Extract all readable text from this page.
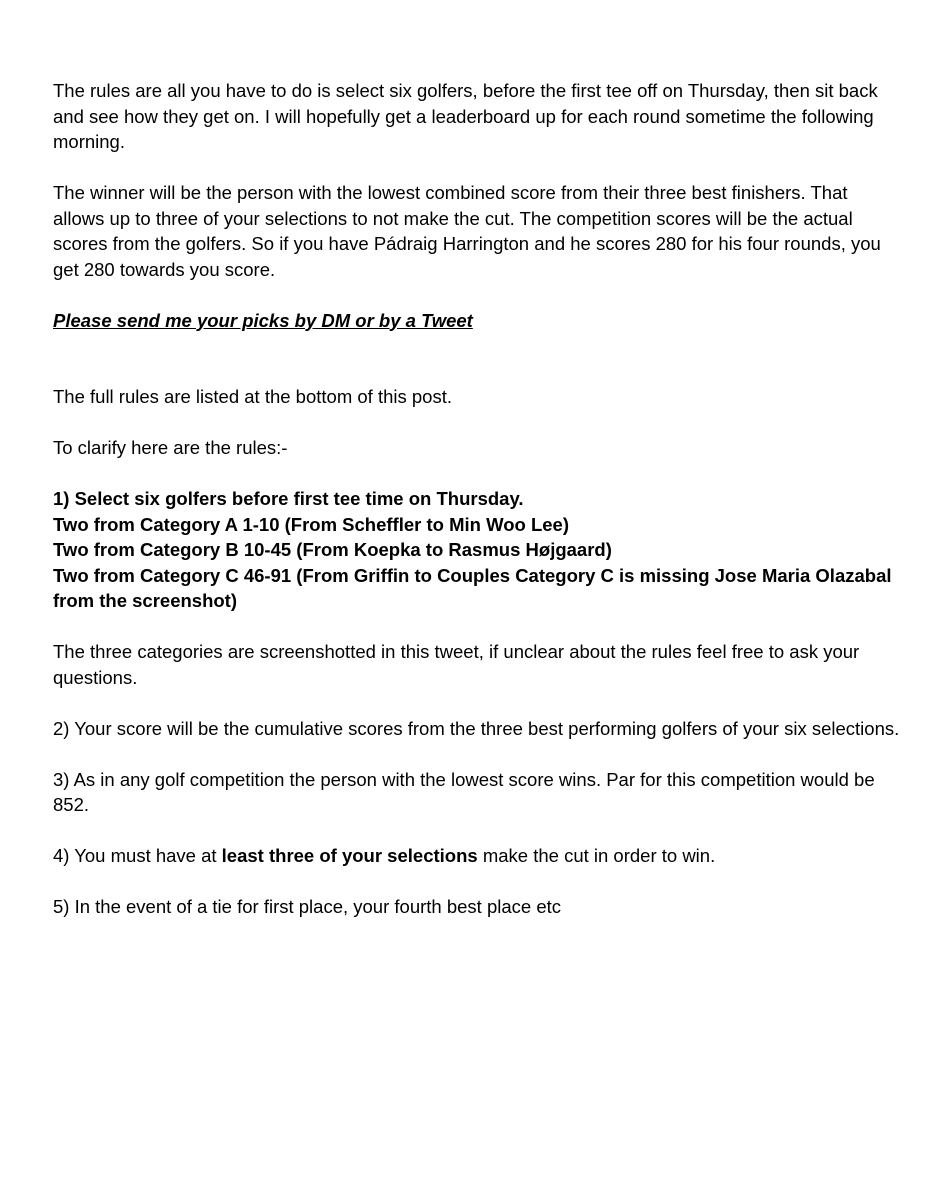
The rules are all you have to do is select six golfers, before the first tee off on Thursday, then sit back and see how they get on. I will hopefully get a leaderboard up for each round sometime the following morning.

The winner will be the person with the lowest combined score from their three best finishers. That allows up to three of your selections to not make the cut. The competition scores will be the actual scores from the golfers. So if you have Pádraig Harrington and he scores 280 for his four rounds, you get 280 towards you score.

Please send me your picks by DM or by a Tweet

The full rules are listed at the bottom of this post.

To clarify here are the rules:-

1) Select six golfers before first tee time on Thursday.
Two from Category A 1-10 (From Scheffler to Min Woo Lee)
Two from Category B 10-45 (From Koepka to Rasmus Højgaard)
Two from Category C 46-91 (From Griffin to Couples Category C is missing Jose Maria Olazabal from the screenshot)

The three categories are screenshotted in this tweet, if unclear about the rules feel free to ask your questions.

2) Your score will be the cumulative scores from the three best performing golfers of your six selections.

3) As in any golf competition the person with the lowest score wins. Par for this competition would be 852.

4) You must have at least three of your selections make the cut in order to win.

5) In the event of a tie for first place, your fourth best place etc
